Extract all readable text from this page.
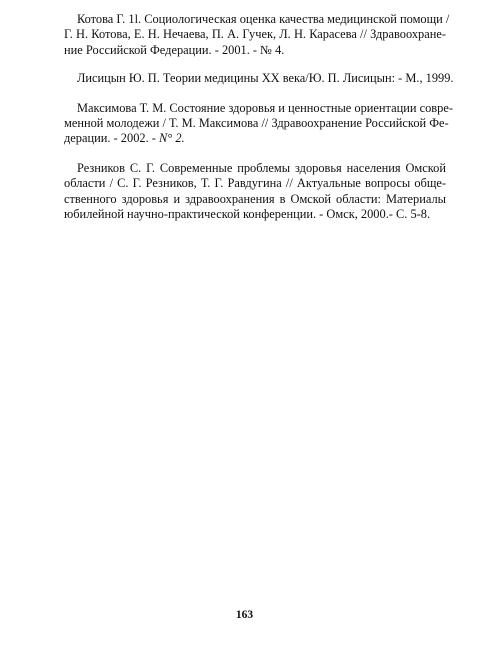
Котова Г. 1l. Социологическая оценка качества медицинской помощи /
Г. Н. Котова, Е. Н. Нечаева, П. А. Гучек, Л. Н. Карасева // Здравоохране-
ние Российской Федерации. - 2001. - № 4.
Лисицын Ю. П. Теории медицины XX века/Ю. П. Лисицын: - М., 1999.
Максимова Т. М. Состояние здоровья и ценностные ориентации совре-
менной молодежи / Т. М. Максимова // Здравоохранение Российской Фе-
дерации. - 2002. - N° 2.
Резников С. Г. Современные проблемы здоровья населения Омской
области / С. Г. Резников, Т. Г. Равдугина // Актуальные вопросы обще-
ственного здоровья и здравоохранения в Омской области: Материалы
юбилейной научно-практической конференции. - Омск, 2000.- С. 5-8.
163
